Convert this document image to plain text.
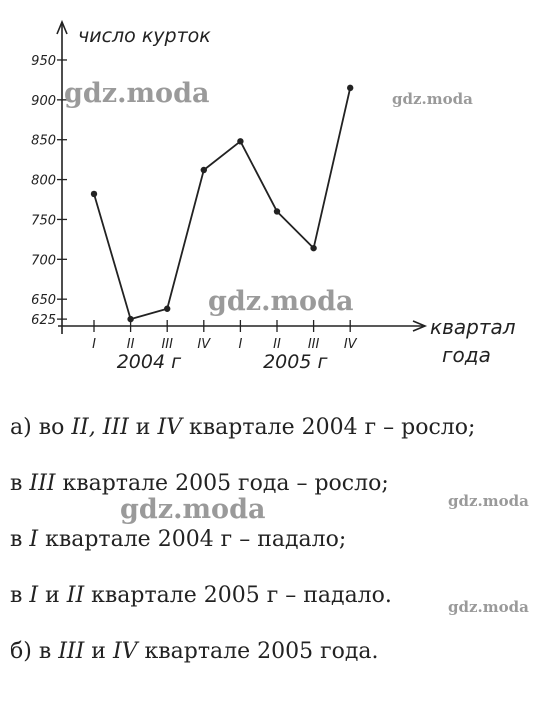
число курток
квартал
года
625
650
700
750
800
850
900
950
I II III IV I II III IV
2004 г	2005 г
gdz.moda	gdz.moda
gdz.moda
gdz.moda
gdz.moda
gdz.moda
а) во II, III и IV квартале 2004 г – росло;
в III квартале 2005 года – росло;
в I квартале 2004 г – падало;
в I и II квартале 2005 г – падало.
б) в III и IV квартале 2005 года.
